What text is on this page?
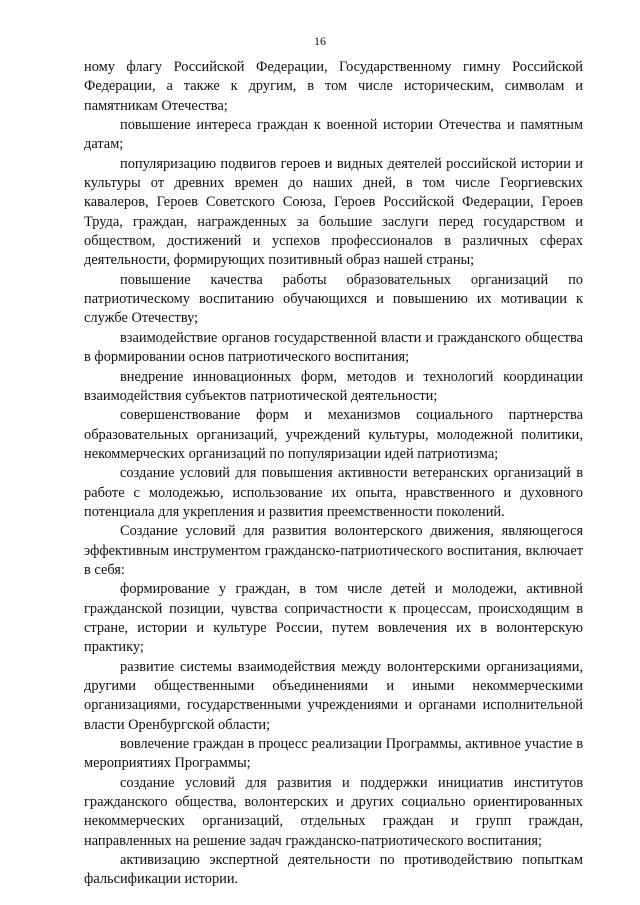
16

ному флагу Российской Федерации, Государственному гимну Российской Федерации, а также к другим, в том числе историческим, символам и памятникам Отечества;

повышение интереса граждан к военной истории Отечества и памятным датам;

популяризацию подвигов героев и видных деятелей российской истории и культуры от древних времен до наших дней, в том числе Георгиевских кавалеров, Героев Советского Союза, Героев Российской Федерации, Героев Труда, граждан, награжденных за большие заслуги перед государством и обществом, достижений и успехов профессионалов в различных сферах деятельности, формирующих позитивный образ нашей страны;

повышение качества работы образовательных организаций по патриотическому воспитанию обучающихся и повышению их мотивации к службе Отечеству;

взаимодействие органов государственной власти и гражданского общества в формировании основ патриотического воспитания;

внедрение инновационных форм, методов и технологий координации взаимодействия субъектов патриотической деятельности;

совершенствование форм и механизмов социального партнерства образовательных организаций, учреждений культуры, молодежной политики, некоммерческих организаций по популяризации идей патриотизма;

создание условий для повышения активности ветеранских организаций в работе с молодежью, использование их опыта, нравственного и духовного потенциала для укрепления и развития преемственности поколений.

Создание условий для развития волонтерского движения, являющегося эффективным инструментом гражданско-патриотического воспитания, включает в себя:

формирование у граждан, в том числе детей и молодежи, активной гражданской позиции, чувства сопричастности к процессам, происходящим в стране, истории и культуре России, путем вовлечения их в волонтерскую практику;

развитие системы взаимодействия между волонтерскими организациями, другими общественными объединениями и иными некоммерческими организациями, государственными учреждениями и органами исполнительной власти Оренбургской области;

вовлечение граждан в процесс реализации Программы, активное участие в мероприятиях Программы;

создание условий для развития и поддержки инициатив институтов гражданского общества, волонтерских и других социально ориентированных некоммерческих организаций, отдельных граждан и групп граждан, направленных на решение задач гражданско-патриотического воспитания;

активизацию экспертной деятельности по противодействию попыткам фальсификации истории.
